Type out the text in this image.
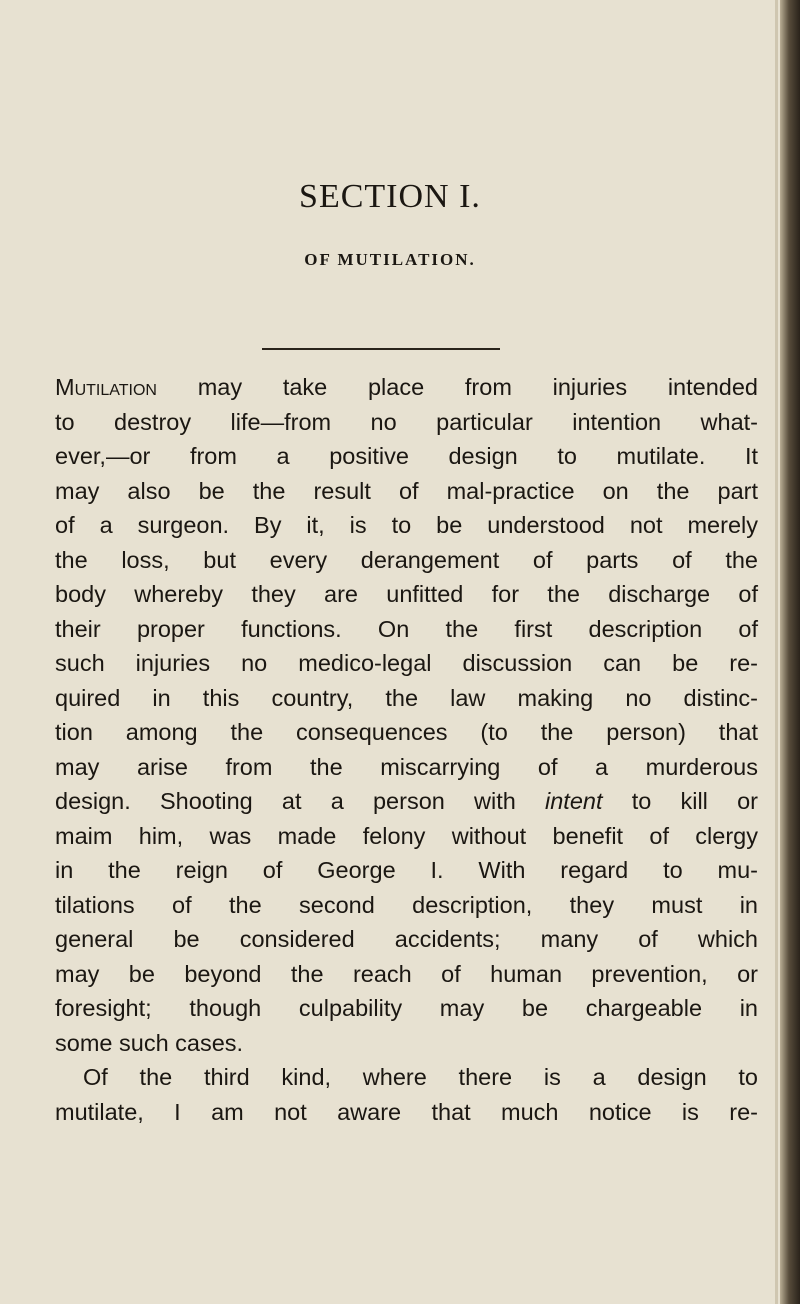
SECTION I.
OF MUTILATION.
Mutilation may take place from injuries intended
to destroy life—from no particular intention what-
ever,—or from a positive design to mutilate. It
may also be the result of mal-practice on the part
of a surgeon. By it, is to be understood not merely
the loss, but every derangement of parts of the
body whereby they are unfitted for the discharge of
their proper functions. On the first description of
such injuries no medico-legal discussion can be re-
quired in this country, the law making no distinc-
tion among the consequences (to the person) that
may arise from the miscarrying of a murderous
design. Shooting at a person with intent to kill or
maim him, was made felony without benefit of clergy
in the reign of George I. With regard to mu-
tilations of the second description, they must in
general be considered accidents; many of which
may be beyond the reach of human prevention, or
foresight; though culpability may be chargeable in
some such cases.
Of the third kind, where there is a design to
mutilate, I am not aware that much notice is re-
